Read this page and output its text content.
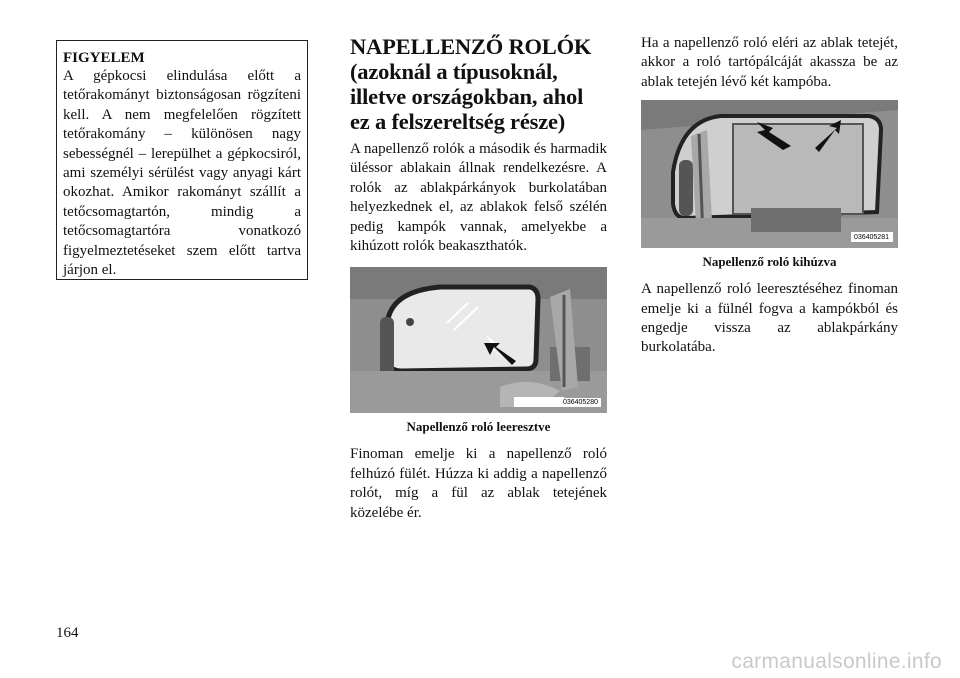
FIGYELEM

A gépkocsi elindulása előtt a tetőrakományt biztonságosan rögzíteni kell. A nem megfelelően rögzített tetőrakomány – különösen nagy sebességnél – lerepülhet a gépkocsiról, ami személyi sérülést vagy anyagi kárt okozhat. Amikor rakományt szállít a tetőcsomagtartón, mindig a tetőcsomagtartóra vonatkozó figyelmeztetéseket szem előtt tartva járjon el.

NAPELLENZŐ ROLÓK (azoknál a típusoknál, illetve országokban, ahol ez a felszereltség része)

A napellenző rolók a második és harmadik üléssor ablakain állnak rendelkezésre. A rolók az ablakpárkányok burkolatában helyezkednek el, az ablakok felső szélén pedig kampók vannak, amelyekbe a kihúzott rolók beakaszthatók.

036405280

Napellenző roló leeresztve

Finoman emelje ki a napellenző roló felhúzó fülét. Húzza ki addig a napellenző rolót, míg a fül az ablak tetejének közelébe ér.

Ha a napellenző roló eléri az ablak tetejét, akkor a roló tartópálcáját akassza be az ablak tetején lévő két kampóba.

036405281

Napellenző roló kihúzva

A napellenző roló leeresztéséhez finoman emelje ki a fülnél fogva a kampókból és engedje vissza az ablakpárkány burkolatába.

164
carmanualsonline.info
